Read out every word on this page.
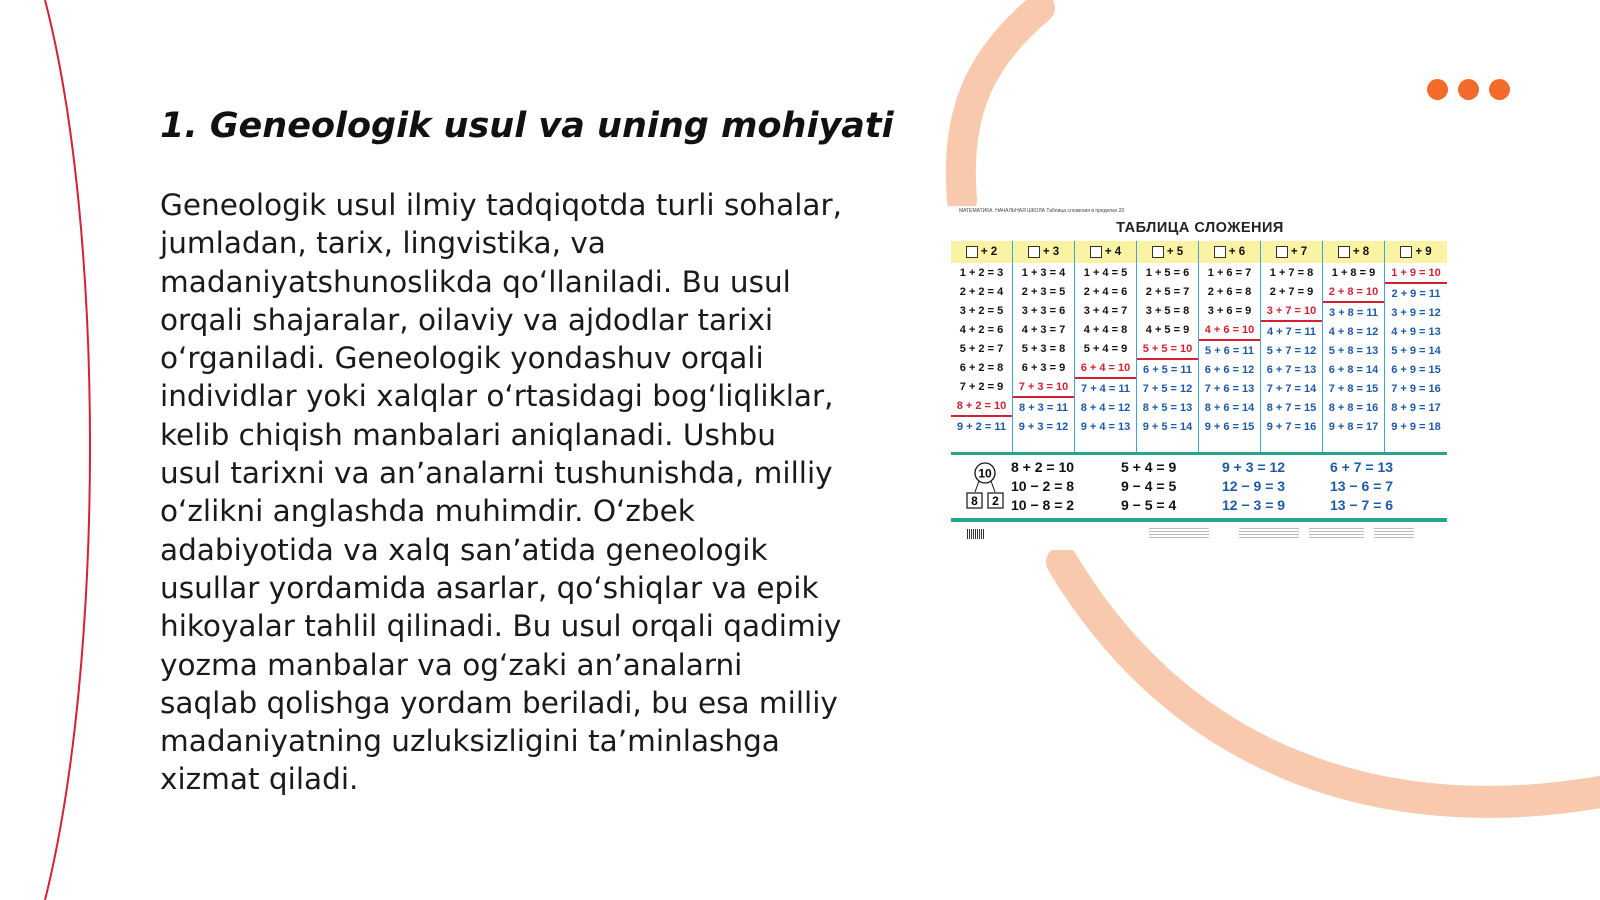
1. Geneologik usul va uning mohiyati

Geneologik usul ilmiy tadqiqotda turli sohalar, jumladan, tarix, lingvistika, va madaniyatshunoslikda qo‘llaniladi. Bu usul orqali shajaralar, oilaviy va ajdodlar tarixi o‘rganiladi. Geneologik yondashuv orqali individlar yoki xalqlar o‘rtasidagi bog‘liqliklar, kelib chiqish manbalari aniqlanadi. Ushbu usul tarixni va an’analarni tushunishda, milliy o‘zlikni anglashda muhimdir. O‘zbek adabiyotida va xalq san’atida geneologik usullar yordamida asarlar, qo‘shiqlar va epik hikoyalar tahlil qilinadi. Bu usul orqali qadimiy yozma manbalar va og‘zaki an’analarni saqlab qolishga yordam beriladi, bu esa milliy madaniyatning uzluksizligini ta’minlashga xizmat qiladi.

МАТЕМАТИКА. НАЧАЛЬНАЯ ШКОЛА Таблица сложения в пределах 20
ТАБЛИЦА СЛОЖЕНИЯ
+ 2
1 + 2 = 3
2 + 2 = 4
3 + 2 = 5
4 + 2 = 6
5 + 2 = 7
6 + 2 = 8
7 + 2 = 9
8 + 2 = 10
9 + 2 = 11
+ 3
1 + 3 = 4
2 + 3 = 5
3 + 3 = 6
4 + 3 = 7
5 + 3 = 8
6 + 3 = 9
7 + 3 = 10
8 + 3 = 11
9 + 3 = 12
+ 4
1 + 4 = 5
2 + 4 = 6
3 + 4 = 7
4 + 4 = 8
5 + 4 = 9
6 + 4 = 10
7 + 4 = 11
8 + 4 = 12
9 + 4 = 13
+ 5
1 + 5 = 6
2 + 5 = 7
3 + 5 = 8
4 + 5 = 9
5 + 5 = 10
6 + 5 = 11
7 + 5 = 12
8 + 5 = 13
9 + 5 = 14
+ 6
1 + 6 = 7
2 + 6 = 8
3 + 6 = 9
4 + 6 = 10
5 + 6 = 11
6 + 6 = 12
7 + 6 = 13
8 + 6 = 14
9 + 6 = 15
+ 7
1 + 7 = 8
2 + 7 = 9
3 + 7 = 10
4 + 7 = 11
5 + 7 = 12
6 + 7 = 13
7 + 7 = 14
8 + 7 = 15
9 + 7 = 16
+ 8
1 + 8 = 9
2 + 8 = 10
3 + 8 = 11
4 + 8 = 12
5 + 8 = 13
6 + 8 = 14
7 + 8 = 15
8 + 8 = 16
9 + 8 = 17
+ 9
1 + 9 = 10
2 + 9 = 11
3 + 9 = 12
4 + 9 = 13
5 + 9 = 14
6 + 9 = 15
7 + 9 = 16
8 + 9 = 17
9 + 9 = 18
10
8 2
8 + 2 = 10
10 − 2 = 8
10 − 8 = 2
5 + 4 = 9
9 − 4 = 5
9 − 5 = 4
9 + 3 = 12
12 − 9 = 3
12 − 3 = 9
6 + 7 = 13
13 − 6 = 7
13 − 7 = 6
